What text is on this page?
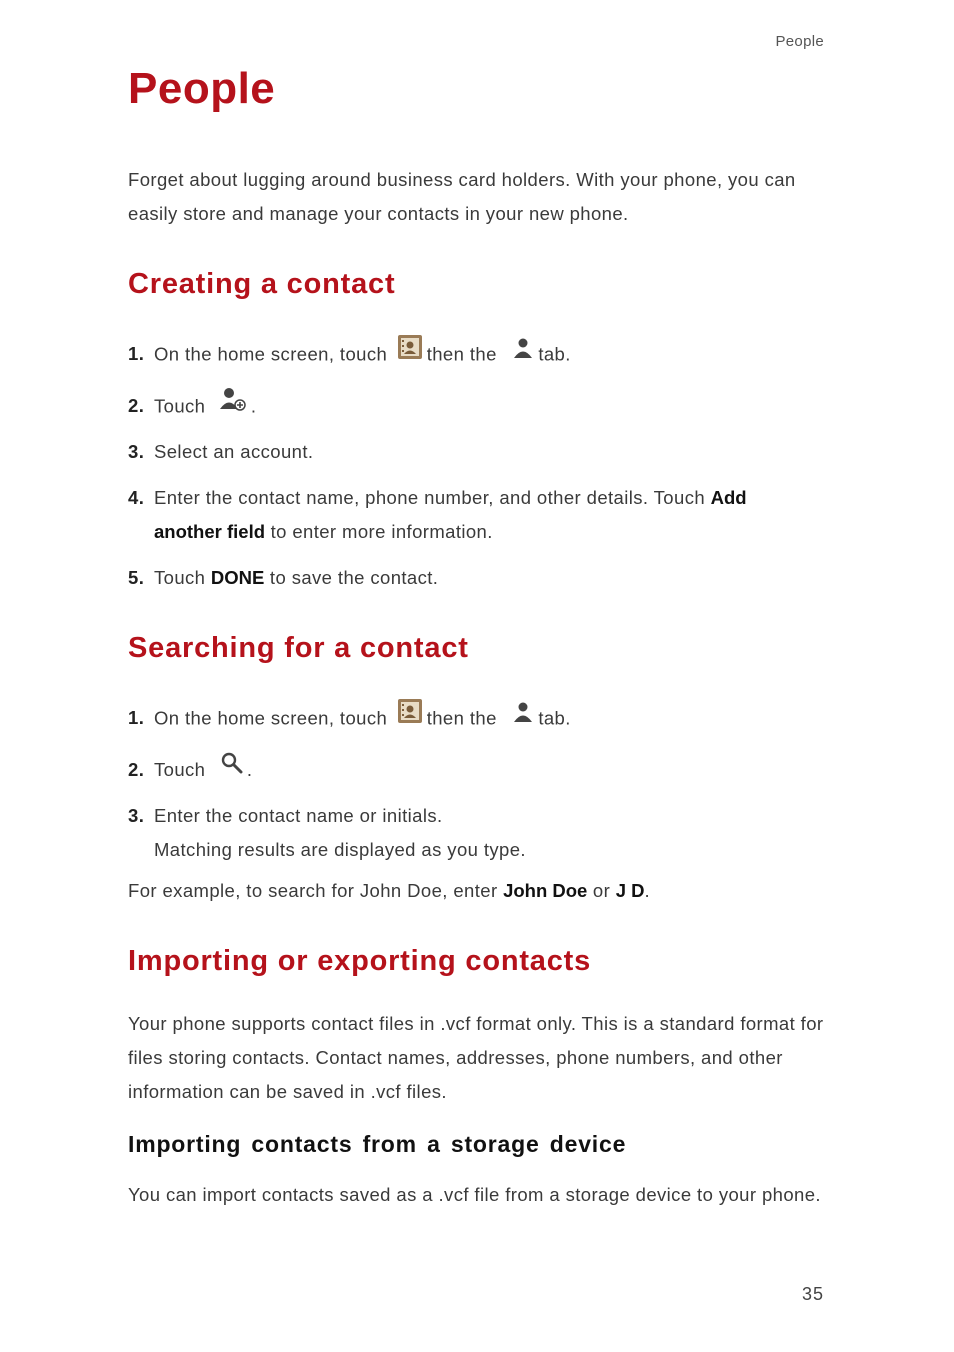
People
People
Forget about lugging around business card holders. With your phone, you can easily store and manage your contacts in your new phone.
Creating a contact
1. On the home screen, touch then the tab.
2. Touch .
3. Select an account.
4. Enter the contact name, phone number, and other details. Touch Add
another field to enter more information.
5. Touch DONE to save the contact.
Searching for a contact
1. On the home screen, touch then the tab.
2. Touch .
3. Enter the contact name or initials.
Matching results are displayed as you type.
For example, to search for John Doe, enter John Doe or J D.
Importing or exporting contacts
Your phone supports contact files in .vcf format only. This is a standard format for files storing contacts. Contact names, addresses, phone numbers, and other information can be saved in .vcf files.
Importing contacts from a storage device
You can import contacts saved as a .vcf file from a storage device to your phone.
35
